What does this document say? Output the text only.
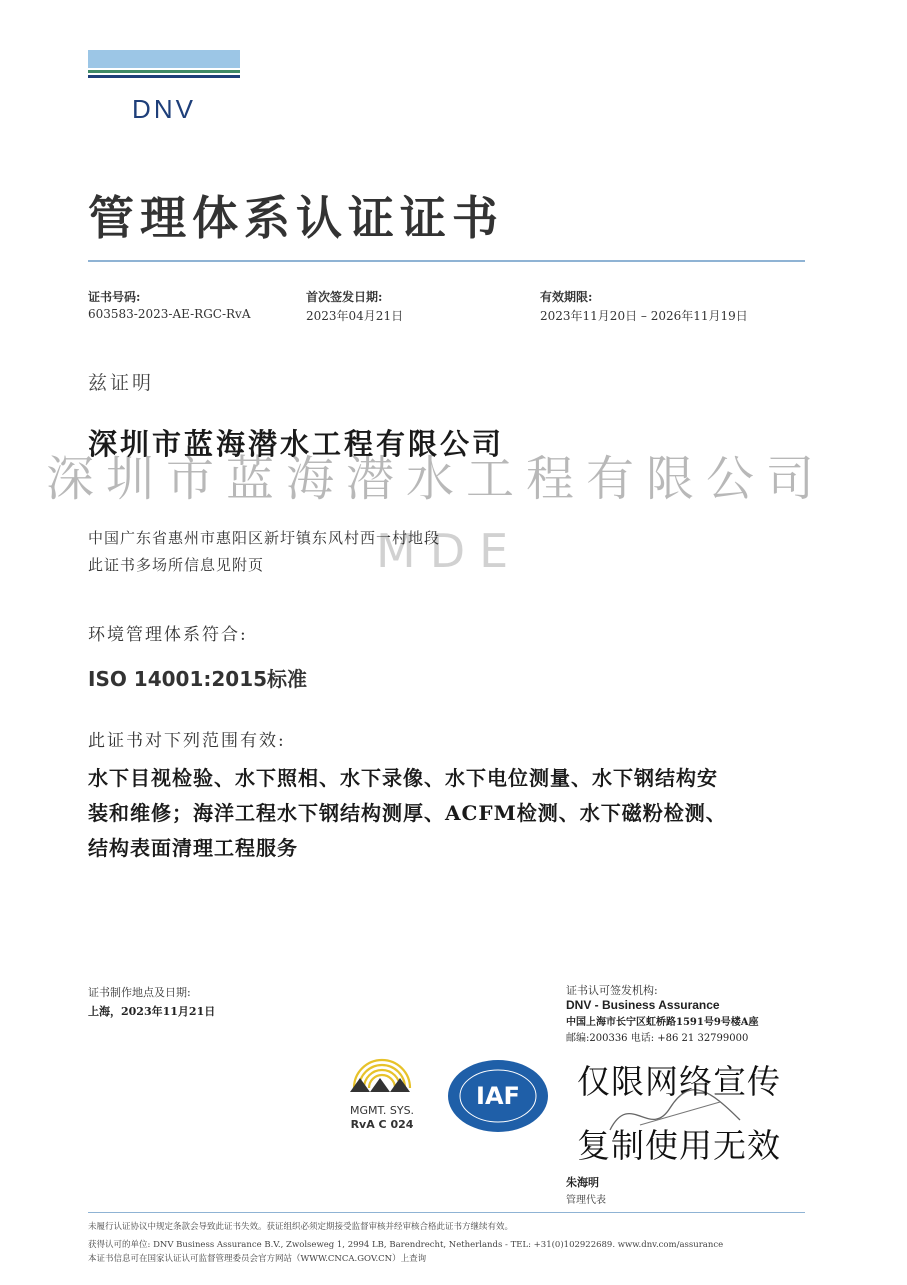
DNV
管理体系认证证书
证书号码:
603583-2023-AE-RGC-RvA
首次签发日期:
2023年04月21日
有效期限:
2023年11月20日 – 2026年11月19日
兹证明
深圳市蓝海潜水工程有限公司
深圳市蓝海潜水工程有限公司
中国广东省惠州市惠阳区新圩镇东风村西一村地段
此证书多场所信息见附页 MDE
环境管理体系符合:
ISO 14001:2015标准
此证书对下列范围有效:
水下目视检验、水下照相、水下录像、水下电位测量、水下钢结构安
装和维修；海洋工程水下钢结构测厚、ACFM检测、水下磁粉检测、
结构表面清理工程服务
证书制作地点及日期:
上海，2023年11月21日
MGMT. SYS.
RvA C 024
IAF
证书认可签发机构:
DNV - Business Assurance
中国上海市长宁区虹桥路1591号9号楼A座
邮编:200336 电话: +86 21 32799000
仅限网络宣传
复制使用无效
朱海明
管理代表
未履行认证协议中规定条款会导致此证书失效。获证组织必须定期接受监督审核并经审核合格此证书方继续有效。
获得认可的单位: DNV Business Assurance B.V., Zwolseweg 1, 2994 LB, Barendrecht, Netherlands - TEL: +31(0)102922689. www.dnv.com/assurance
本证书信息可在国家认证认可监督管理委员会官方网站（WWW.CNCA.GOV.CN）上查询
